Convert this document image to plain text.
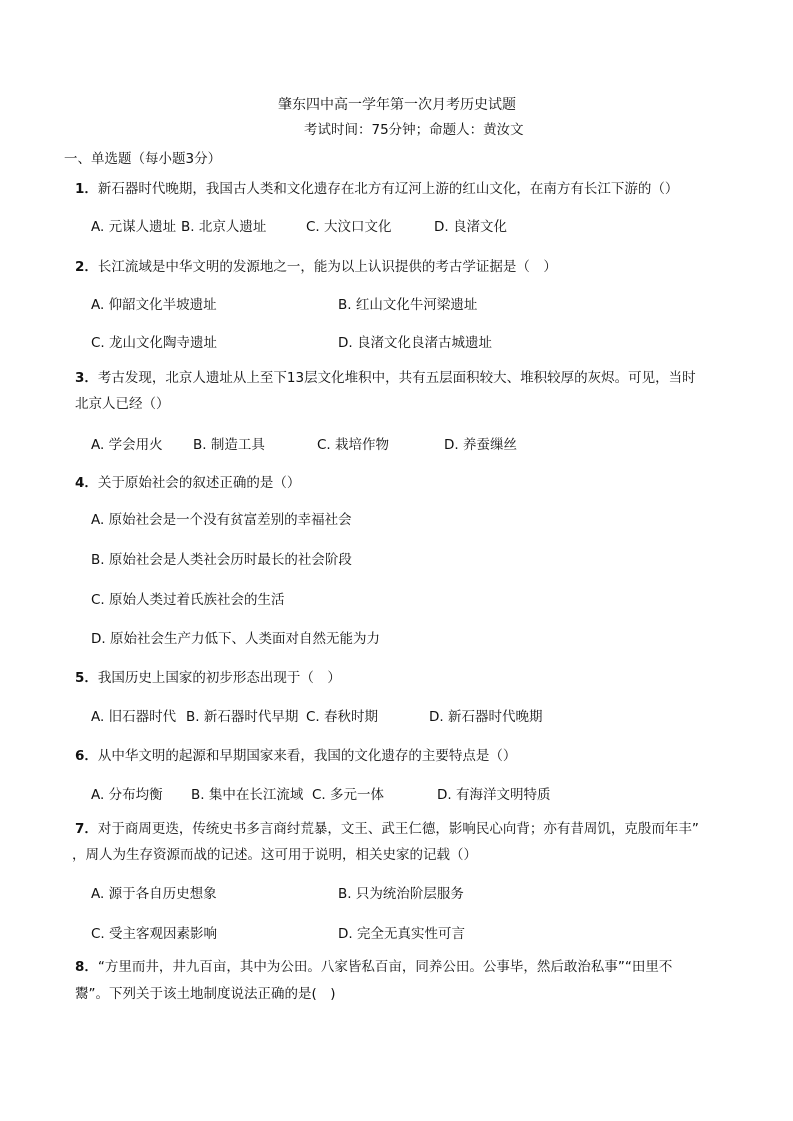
肇东四中高一学年第一次月考历史试题
考试时间：75分钟；命题人：黄汝文
一、单选题（每小题3分）
1．新石器时代晚期，我国古人类和文化遗存在北方有辽河上游的红山文化，在南方有长江下游的（）
A. 元谋人遗址 B. 北京人遗址	C. 大汶口文化	D. 良渚文化
2．长江流域是中华文明的发源地之一，能为以上认识提供的考古学证据是（　）
A. 仰韶文化半坡遗址	B. 红山文化牛河梁遗址
C. 龙山文化陶寺遗址	D. 良渚文化良渚古城遗址
3．考古发现，北京人遗址从上至下13层文化堆积中，共有五层面积较大、堆积较厚的灰烬。可见，当时
北京人已经（）
A. 学会用火 B. 制造工具	C. 栽培作物	D. 养蚕缫丝
4．关于原始社会的叙述正确的是（）
A. 原始社会是一个没有贫富差别的幸福社会
B. 原始社会是人类社会历时最长的社会阶段
C. 原始人类过着氏族社会的生活
D. 原始社会生产力低下、人类面对自然无能为力
5．我国历史上国家的初步形态出现于（　）
A. 旧石器时代 B. 新石器时代早期 C. 春秋时期	D. 新石器时代晚期
6．从中华文明的起源和早期国家来看，我国的文化遗存的主要特点是（）
A. 分布均衡 B. 集中在长江流域 C. 多元一体	D. 有海洋文明特质
7．对于商周更迭，传统史书多言商纣荒暴，文王、武王仁德，影响民心向背；亦有昔周饥，克殷而年丰”
，周人为生存资源而战的记述。这可用于说明，相关史家的记载（）
A. 源于各自历史想象	B. 只为统治阶层服务
C. 受主客观因素影响	D. 完全无真实性可言
8．“方里而井，井九百亩，其中为公田。八家皆私百亩，同养公田。公事毕，然后敢治私事”“田里不
鬻”。下列关于该土地制度说法正确的是(　)
